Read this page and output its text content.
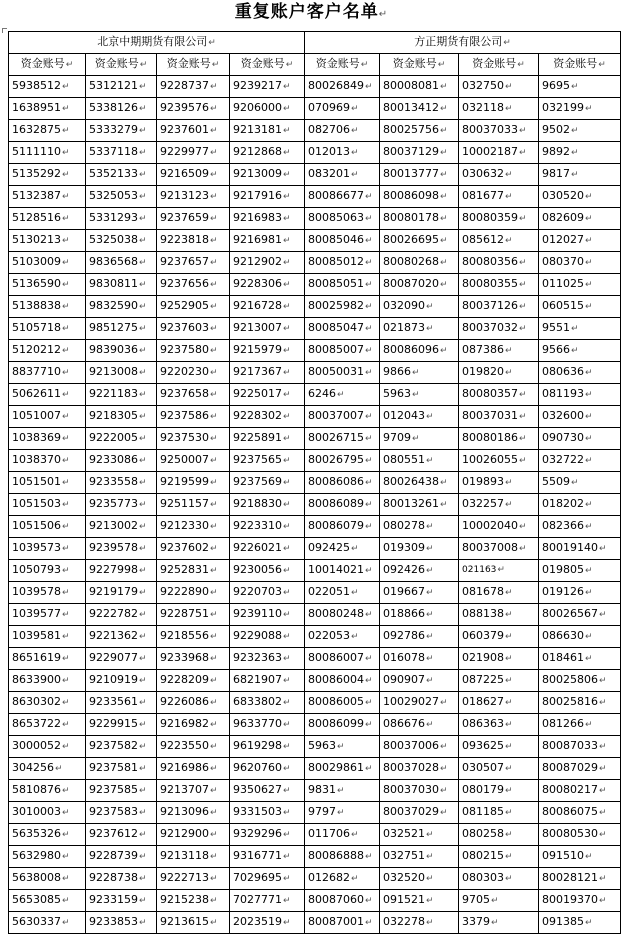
重复账户客户名单↵
北京中期期货有限公司↵				方正期货有限公司↵			
资金账号↵	资金账号↵	资金账号↵	资金账号↵	资金账号↵	资金账号↵	资金账号↵	资金账号↵
5938512↵	5312121↵	9228737↵	9239217↵	80026849↵	80008081↵	032750↵	9695↵
1638951↵	5338126↵	9239576↵	9206000↵	070969↵	80013412↵	032118↵	032199↵
1632875↵	5333279↵	9237601↵	9213181↵	082706↵	80025756↵	80037033↵	9502↵
5111110↵	5337118↵	9229977↵	9212868↵	012013↵	80037129↵	10002187↵	9892↵
5135292↵	5352133↵	9216509↵	9213009↵	083201↵	80013777↵	030632↵	9817↵
5132387↵	5325053↵	9213123↵	9217916↵	80086677↵	80086098↵	081677↵	030520↵
5128516↵	5331293↵	9237659↵	9216983↵	80085063↵	80080178↵	80080359↵	082609↵
5130213↵	5325038↵	9223818↵	9216981↵	80085046↵	80026695↵	085612↵	012027↵
5103009↵	9836568↵	9237657↵	9212902↵	80085012↵	80080268↵	80080356↵	080370↵
5136590↵	9830811↵	9237656↵	9228306↵	80085051↵	80087020↵	80080355↵	011025↵
5138838↵	9832590↵	9252905↵	9216728↵	80025982↵	032090↵	80037126↵	060515↵
5105718↵	9851275↵	9237603↵	9213007↵	80085047↵	021873↵	80037032↵	9551↵
5120212↵	9839036↵	9237580↵	9215979↵	80085007↵	80086096↵	087386↵	9566↵
8837710↵	9213008↵	9220230↵	9217367↵	80050031↵	9866↵	019820↵	080636↵
5062611↵	9221183↵	9237658↵	9225017↵	6246↵	5963↵	80080357↵	081193↵
1051007↵	9218305↵	9237586↵	9228302↵	80037007↵	012043↵	80037031↵	032600↵
1038369↵	9222005↵	9237530↵	9225891↵	80026715↵	9709↵	80080186↵	090730↵
1038370↵	9233086↵	9250007↵	9237565↵	80026795↵	080551↵	10026055↵	032722↵
1051501↵	9233558↵	9219599↵	9237569↵	80086086↵	80026438↵	019893↵	5509↵
1051503↵	9235773↵	9251157↵	9218830↵	80086089↵	80013261↵	032257↵	018202↵
1051506↵	9213002↵	9212330↵	9223310↵	80086079↵	080278↵	10002040↵	082366↵
1039573↵	9239578↵	9237602↵	9226021↵	092425↵	019309↵	80037008↵	80019140↵
1050793↵	9227998↵	9252831↵	9230056↵	10014021↵	092426↵	021163↵	019805↵
1039578↵	9219179↵	9222890↵	9220703↵	022051↵	019667↵	081678↵	019126↵
1039577↵	9222782↵	9228751↵	9239110↵	80080248↵	018866↵	088138↵	80026567↵
1039581↵	9221362↵	9218556↵	9229088↵	022053↵	092786↵	060379↵	086630↵
8651619↵	9229077↵	9233968↵	9232363↵	80086007↵	016078↵	021908↵	018461↵
8633900↵	9210919↵	9228209↵	6821907↵	80086004↵	090907↵	087225↵	80025806↵
8630302↵	9233561↵	9226086↵	6833802↵	80086005↵	10029027↵	018627↵	80025816↵
8653722↵	9229915↵	9216982↵	9633770↵	80086099↵	086676↵	086363↵	081266↵
3000052↵	9237582↵	9223550↵	9619298↵	5963↵	80037006↵	093625↵	80087033↵
304256↵	9237581↵	9216986↵	9620760↵	80029861↵	80037028↵	030507↵	80087029↵
5810876↵	9237585↵	9213707↵	9350627↵	9831↵	80037030↵	080179↵	80080217↵
3010003↵	9237583↵	9213096↵	9331503↵	9797↵	80037029↵	081185↵	80086075↵
5635326↵	9237612↵	9212900↵	9329296↵	011706↵	032521↵	080258↵	80080530↵
5632980↵	9228739↵	9213118↵	9316771↵	80086888↵	032751↵	080215↵	091510↵
5638008↵	9228738↵	9222713↵	7029695↵	012682↵	032520↵	080303↵	80028121↵
5653085↵	9233159↵	9215238↵	7027771↵	80087060↵	091521↵	9705↵	80019370↵
5630337↵	9233853↵	9213615↵	2023519↵	80087001↵	032278↵	3379↵	091385↵
